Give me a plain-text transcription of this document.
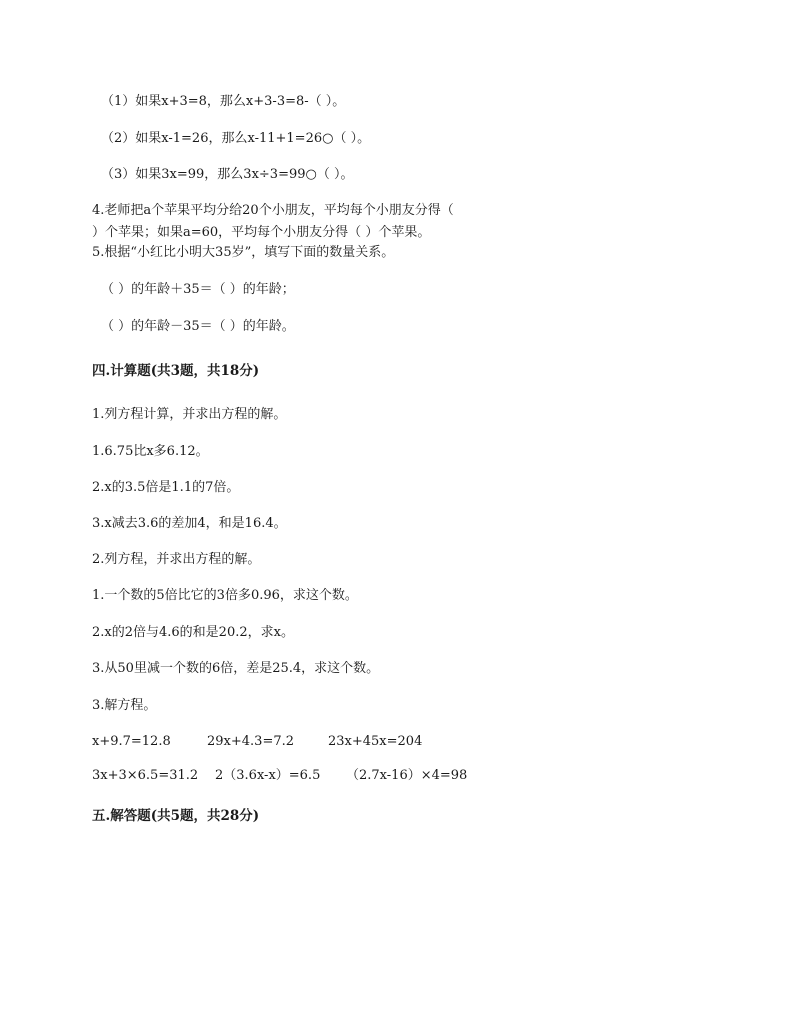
（1）如果x+3=8，那么x+3-3=8-（ ）。
（2）如果x-1=26，那么x-11+1=26○（ ）。
（3）如果3x=99，那么3x÷3=99○（ ）。
4.老师把a个苹果平均分给20个小朋友，平均每个小朋友分得（
）个苹果；如果a=60，平均每个小朋友分得（ ）个苹果。
5.根据“小红比小明大35岁”，填写下面的数量关系。
（ ）的年龄＋35＝（ ）的年龄；
（ ）的年龄－35＝（ ）的年龄。
四.计算题(共3题，共18分)
1.列方程计算，并求出方程的解。
1.6.75比x多6.12。
2.x的3.5倍是1.1的7倍。
3.x减去3.6的差加4，和是16.4。
2.列方程，并求出方程的解。
1.一个数的5倍比它的3倍多0.96，求这个数。
2.x的2倍与4.6的和是20.2，求x。
3.从50里减一个数的6倍，差是25.4，求这个数。
3.解方程。
x+9.7=12.8	29x+4.3=7.2	23x+45x=204
3x+3×6.5=31.2 2（3.6x-x）=6.5 （2.7x-16）×4=98
五.解答题(共5题，共28分)
